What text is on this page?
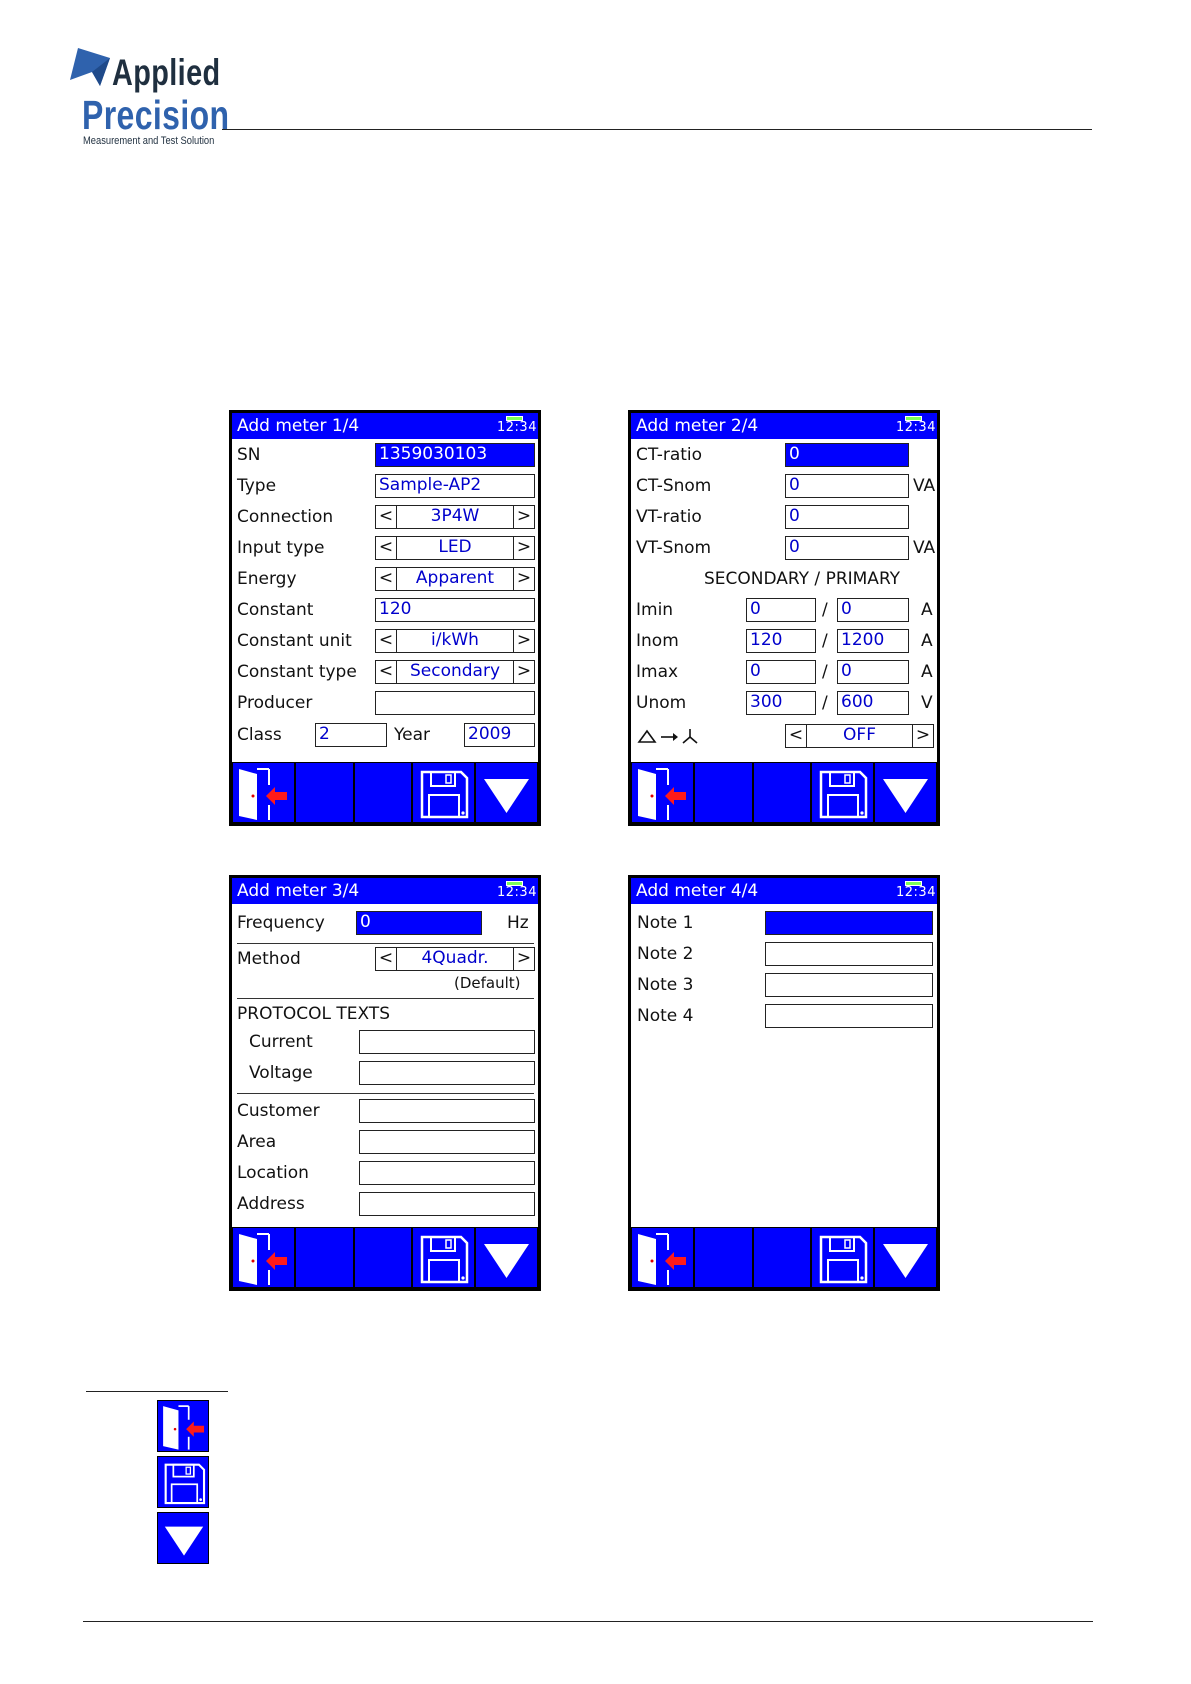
Applied
Precision
Measurement and Test Solution
Add meter 1/4	12:34
SN	1359030103
Type	Sample-AP2
Connection	<	3P4W	>
Input type	<	LED	>
Energy	<	Apparent	>
Constant	120
Constant unit <	i/kWh	>
Constant type < Secondary >
Producer
Class 2	Year 2009
Add meter 2/4	12:34
CT-ratio	0
CT-Snom	0	VA
VT-ratio	0
VT-Snom	0	VA
SECONDARY / PRIMARY
Imin	0	/ 0	A
Inom	120	/ 1200	A
Imax	0	/ 0	A
Unom	300	/ 600	V
<	OFF	>
Add meter 3/4	12:34
Frequency 0	Hz
Method	<	4Quadr.	>
(Default)
PROTOCOL TEXTS
Current
Voltage
Customer
Area
Location
Address
Add meter 4/4	12:34
Note 1
Note 2
Note 3
Note 4
